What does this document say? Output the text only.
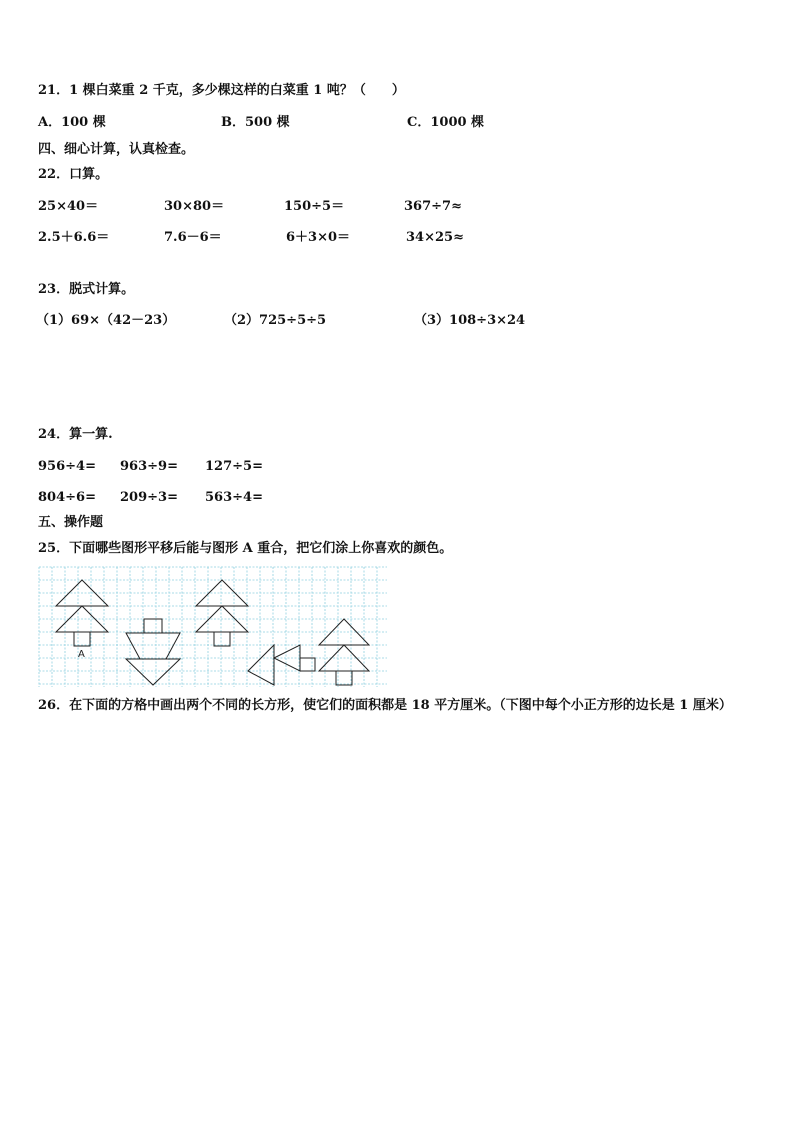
21．1 棵白菜重 2 千克，多少棵这样的白菜重 1 吨？（　　）
A．100 棵	B．500 棵	C．1000 棵
四、细心计算，认真检查。
22．口算。
25×40＝	30×80＝	150÷5＝	367÷7≈
2.5＋6.6＝	7.6－6＝	6＋3×0＝	34×25≈
23．脱式计算。
（1）69×（42－23）	（2）725÷5÷5	（3）108÷3×24
24．算一算.
956÷4= 963÷9= 127÷5=
804÷6= 209÷3= 563÷4=
五、操作题
25．下面哪些图形平移后能与图形 A 重合，把它们涂上你喜欢的颜色。
A
26．在下面的方格中画出两个不同的长方形，使它们的面积都是 18 平方厘米。（下图中每个小正方形的边长是 1 厘米）
